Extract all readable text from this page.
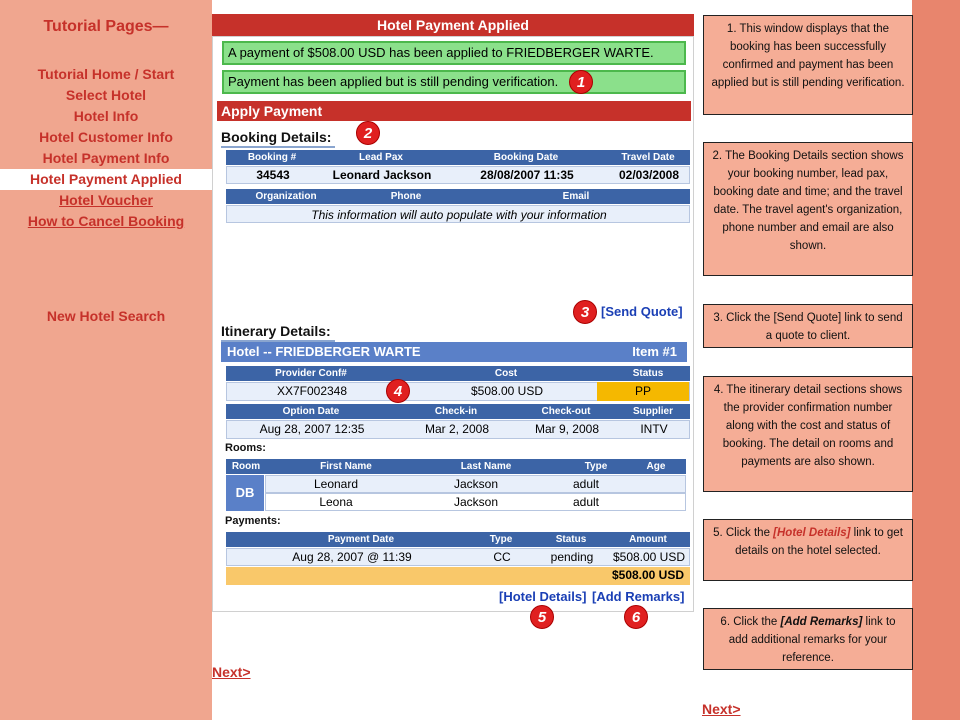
Tutorial Pages—
Tutorial Home / Start
Select Hotel
Hotel Info
Hotel Customer Info
Hotel Payment Info
Hotel Payment Applied
Hotel Voucher
How to Cancel Booking
New Hotel Search
Hotel Payment Applied
A payment of $508.00 USD has been applied to FRIEDBERGER WARTE.
Payment has been applied but is still pending verification.	1
Apply Payment
Booking Details:	2
Booking #	Lead Pax	Booking Date	Travel Date
34543	Leonard Jackson	28/08/2007 11:35	02/03/2008
Organization	Phone	Email
This information will auto populate with your information
3 [Send Quote]
Itinerary Details:
Hotel -- FRIEDBERGER WARTE	Item #1
Provider Conf#	Cost	Status
XX7F002348	$508.00 USD	PP
4
Option Date	Check-in	Check-out	Supplier
Aug 28, 2007 12:35	Mar 2, 2008	Mar 9, 2008	INTV
Rooms:
Room	First Name	Last Name	Type	Age
DB
Leonard	Jackson	adult
Leona	Jackson	adult
Payments:
Payment Date	Type	Status	Amount
Aug 28, 2007 @ 11:39	CC	pending	$508.00 USD
$508.00 USD
[Hotel Details] [Add Remarks]
5	6
Next>
Next>
1. This window displays that the booking has been successfully confirmed and payment has been applied but is still pending verification.
2. The Booking Details section shows your booking number, lead pax, booking date and time; and the travel date. The travel agent's organization, phone number and email are also shown.
3. Click the [Send Quote] link to send a quote to client.
4. The itinerary detail sections shows the provider confirmation number along with the cost and status of booking. The detail on rooms and payments are also shown.
5. Click the [Hotel Details] link to get details on the hotel selected.
6. Click the [Add Remarks] link to add additional remarks for your reference.
